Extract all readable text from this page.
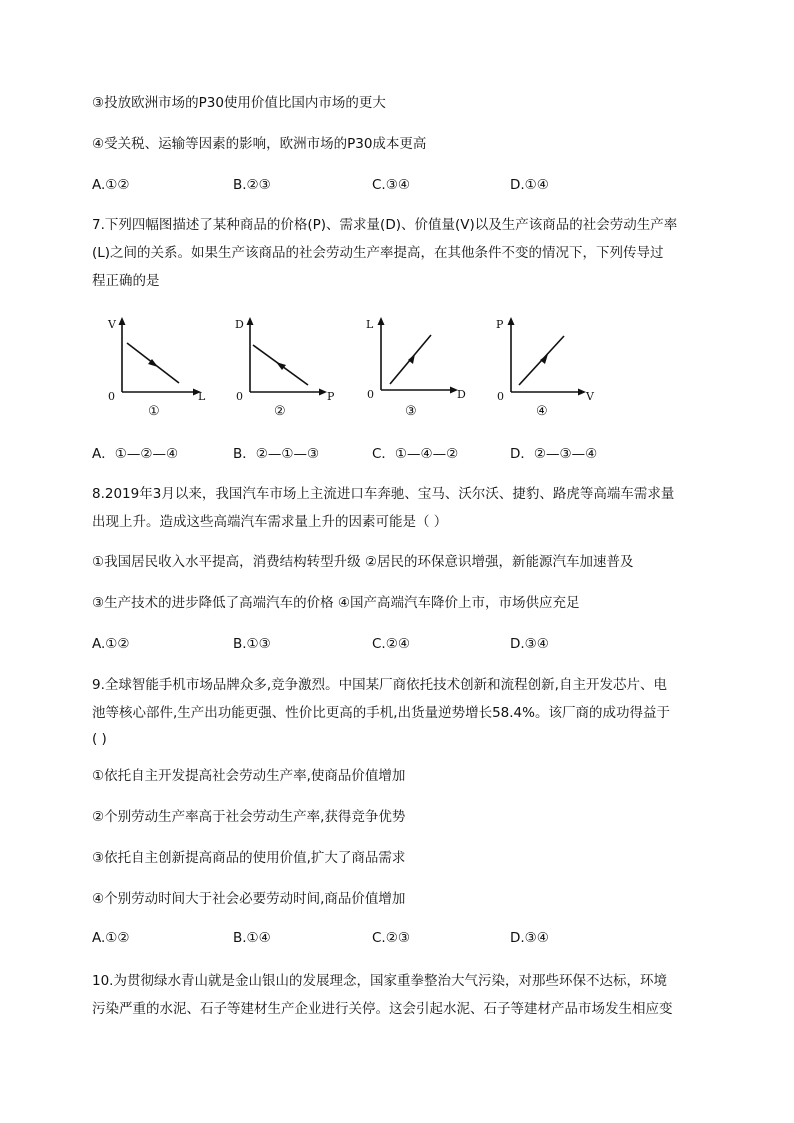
③投放欧洲市场的P30使用价值比国内市场的更大
④受关税、运输等因素的影响，欧洲市场的P30成本更高
A.①②	B.②③	C.③④	D.①④
7.下列四幅图描述了某种商品的价格(P)、需求量(D)、价值量(V)以及生产该商品的社会劳动生产率
(L)之间的关系。如果生产该商品的社会劳动生产率提高，在其他条件不变的情况下，下列传导过
程正确的是
V
L
0
①
D
P
0
②
L
D
0
③
P
V
0
④
A．①—②—④	B．②—①—③	C．①—④—②	D．②—③—④
8.2019年3月以来，我国汽车市场上主流进口车奔驰、宝马、沃尔沃、捷豹、路虎等高端车需求量
出现上升。造成这些高端汽车需求量上升的因素可能是（ ）
①我国居民收入水平提高，消费结构转型升级 ②居民的环保意识增强，新能源汽车加速普及
③生产技术的进步降低了高端汽车的价格 ④国产高端汽车降价上市，市场供应充足
A.①②	B.①③	C.②④	D.③④
9.全球智能手机市场品牌众多,竞争激烈。中国某厂商依托技术创新和流程创新,自主开发芯片、电
池等核心部件,生产出功能更强、性价比更高的手机,出货量逆势增长58.4%。该厂商的成功得益于
( )
①依托自主开发提高社会劳动生产率,使商品价值增加
②个别劳动生产率高于社会劳动生产率,获得竞争优势
③依托自主创新提高商品的使用价值,扩大了商品需求
④个别劳动时间大于社会必要劳动时间,商品价值增加
A.①②	B.①④	C.②③	D.③④
10.为贯彻绿水青山就是金山银山的发展理念，国家重拳整治大气污染，对那些环保不达标，环境
污染严重的水泥、石子等建材生产企业进行关停。这会引起水泥、石子等建材产品市场发生相应变
